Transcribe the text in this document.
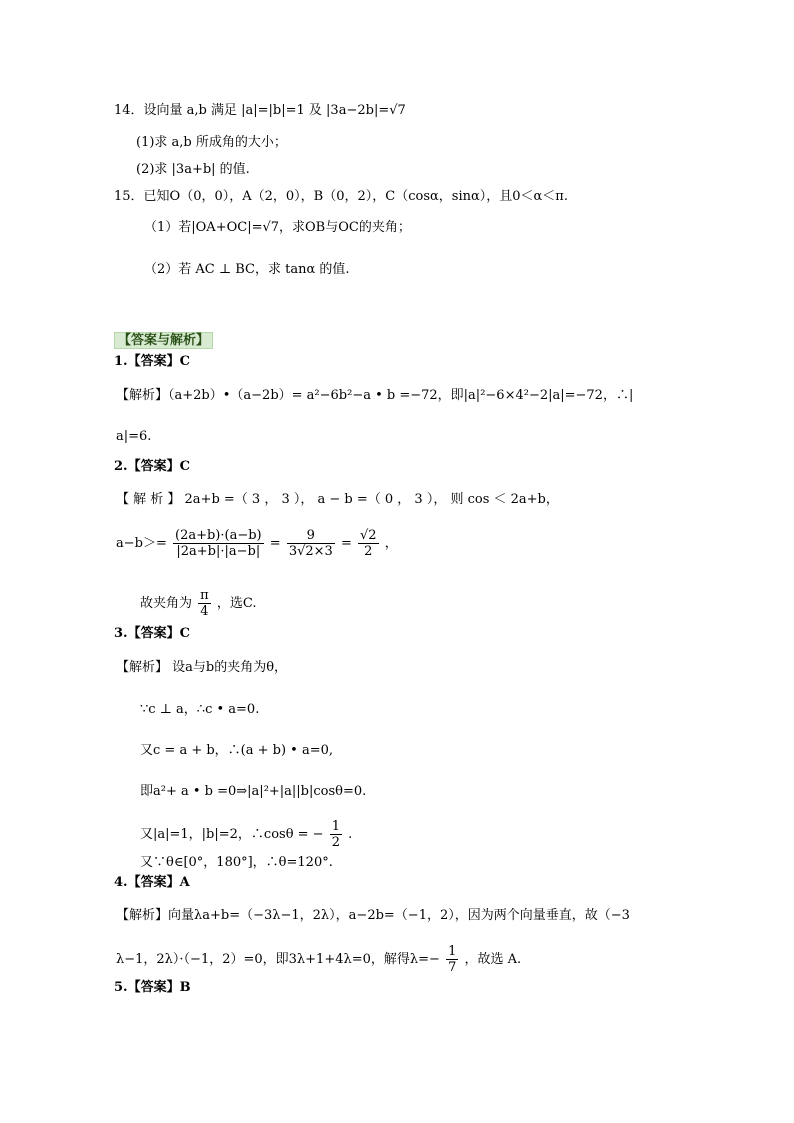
14．设向量 a,b 满足 |a|=|b|=1 及 |3a−2b|=√7
(1)求 a,b 所成角的大小；
(2)求 |3a+b| 的值.
15．已知O（0，0），A（2，0），B（0，2），C（cosα，sinα），且0＜α＜π.
（1）若|OA+OC|=√7，求OB与OC的夹角；
（2）若 AC ⊥ BC，求 tanα 的值.
【答案与解析】
1.【答案】C
【解析】（a+2b）•（a−2b）= a²−6b²−a • b =−72，即|a|²−6×4²−2|a|=−72，∴|
a|=6.
2.【答案】C
【 解 析 】 2a+b =（ 3 ， 3 ）， a − b =（ 0 ， 3 ）， 则 cos ＜ 2a+b，
$a-b>= \frac{(2a+b)\cdot(a-b)}{|2a+b|\cdot|a-b|} = \frac{9}{3√2\times 3} = \frac{√2}{2}$ ，
故夹角为 $\frac{\pi}{4}$ ，选C.
3.【答案】C
【解析】 设a与b的夹角为θ，
∵c ⊥ a，∴c • a=0.
又c = a + b，∴(a + b) • a=0,
即a²+ a • b =0⇒|a|²+|a||b|cosθ=0.
又|a|=1，|b|=2，∴cosθ = − $\frac{1}{2}$ .
又∵θ∈[0°，180°]，∴θ=120°.
4.【答案】A
【解析】向量λa+b=（−3λ−1，2λ），a−2b=（−1，2），因为两个向量垂直，故（−3
λ−1，2λ）·（−1，2）=0，即3λ+1+4λ=0，解得$\lambda=- \frac{1}{7}$ ，故选 A.
5.【答案】B
